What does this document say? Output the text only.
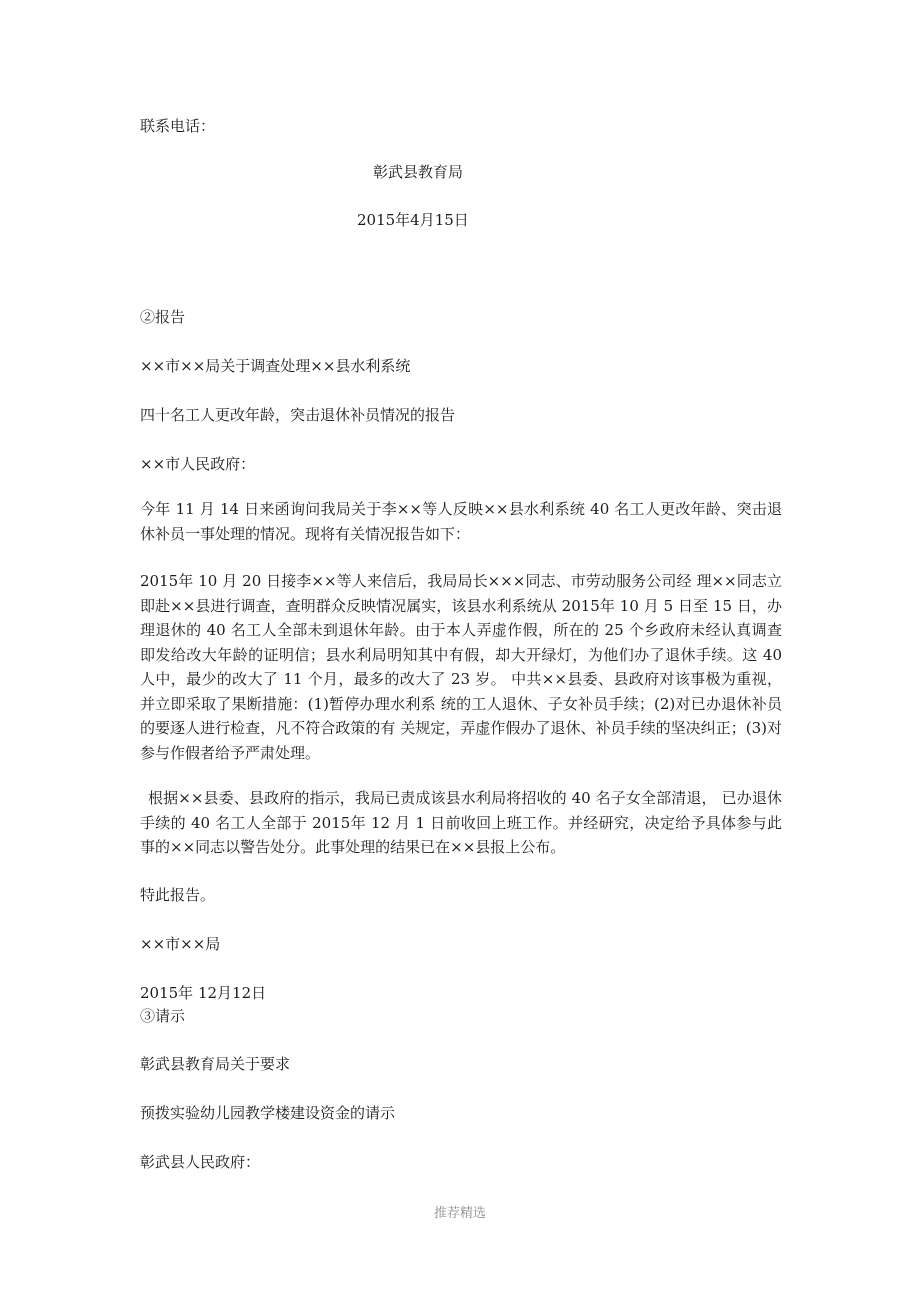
联系电话：
彰武县教育局
2015年4月15日
②报告
××市××局关于调查处理××县水利系统
四十名工人更改年龄，突击退休补员情况的报告
××市人民政府：

今年 11 月 14 日来函询问我局关于李××等人反映××县水利系统 40 名工人更改年龄、突击退休补员一事处理的情况。现将有关情况报告如下：

2015年 10 月 20 日接李××等人来信后，我局局长×××同志、市劳动服务公司经 理××同志立即赴××县进行调查，查明群众反映情况属实，该县水利系统从 2015年 10 月 5 日至 15 日，办理退休的 40 名工人全部未到退休年龄。由于本人弄虚作假，所在的 25 个乡政府未经认真调查即发给改大年龄的证明信；县水利局明知其中有假，却大开绿灯，为他们办了退休手续。这 40 人中，最少的改大了 11 个月，最多的改大了 23 岁。 中共××县委、县政府对该事极为重视，并立即采取了果断措施：(1)暂停办理水利系 统的工人退休、子女补员手续；(2)对已办退休补员的要逐人进行检查，凡不符合政策的有 关规定，弄虚作假办了退休、补员手续的坚决纠正；(3)对参与作假者给予严肃处理。

根据××县委、县政府的指示，我局已责成该县水利局将招收的 40 名子女全部清退， 已办退休手续的 40 名工人全部于 2015年 12 月 1 日前收回上班工作。并经研究，决定给予具体参与此事的××同志以警告处分。此事处理的结果已在××县报上公布。

特此报告。
××市××局
2015年 12月12日
③请示
彰武县教育局关于要求
预拨实验幼儿园教学楼建设资金的请示
彰武县人民政府：
推荐精选
